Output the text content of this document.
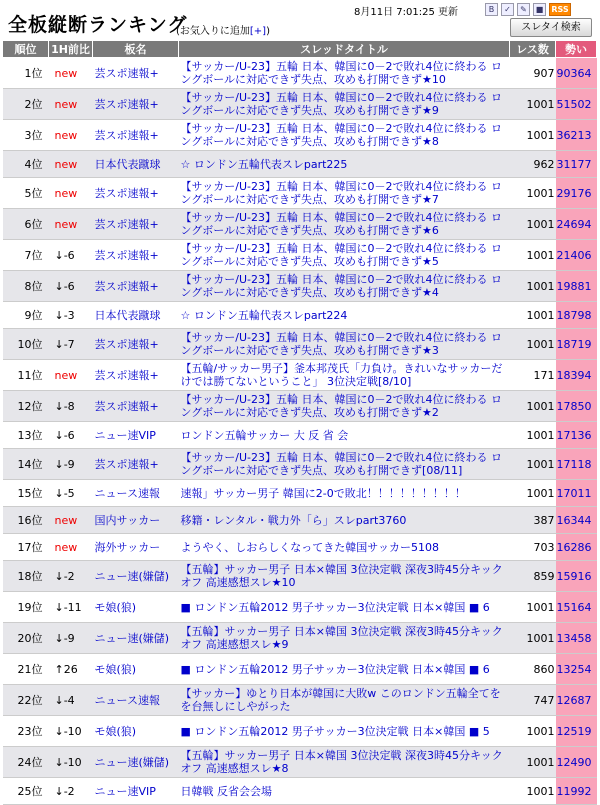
全板縦断ランキング
(お気入りに追加[+])
8月11日 7:01:25 更新	B	✓	✎	■	RSS
スレタイ検索
順位	1H前比	板名	スレッドタイトル	レス数	勢い
1位	new	芸スポ速報+	【サッカー/U-23】五輪 日本、韓国に0－2で敗れ4位に終わる ロングボールに対応できず失点、攻めも打開できず★10	907	90364
2位	new	芸スポ速報+	【サッカー/U-23】五輪 日本、韓国に0－2で敗れ4位に終わる ロングボールに対応できず失点、攻めも打開できず★9	1001	51502
3位	new	芸スポ速報+	【サッカー/U-23】五輪 日本、韓国に0－2で敗れ4位に終わる ロングボールに対応できず失点、攻めも打開できず★8	1001	36213
4位	new	日本代表蹴球	☆ ロンドン五輪代表スレpart225	962	31177
5位	new	芸スポ速報+	【サッカー/U-23】五輪 日本、韓国に0－2で敗れ4位に終わる ロングボールに対応できず失点、攻めも打開できず★7	1001	29176
6位	new	芸スポ速報+	【サッカー/U-23】五輪 日本、韓国に0－2で敗れ4位に終わる ロングボールに対応できず失点、攻めも打開できず★6	1001	24694
7位	↓-6	芸スポ速報+	【サッカー/U-23】五輪 日本、韓国に0－2で敗れ4位に終わる ロングボールに対応できず失点、攻めも打開できず★5	1001	21406
8位	↓-6	芸スポ速報+	【サッカー/U-23】五輪 日本、韓国に0－2で敗れ4位に終わる ロングボールに対応できず失点、攻めも打開できず★4	1001	19881
9位	↓-3	日本代表蹴球	☆ ロンドン五輪代表スレpart224	1001	18798
10位	↓-7	芸スポ速報+	【サッカー/U-23】五輪 日本、韓国に0－2で敗れ4位に終わる ロングボールに対応できず失点、攻めも打開できず★3	1001	18719
11位	new	芸スポ速報+	【五輪/サッカー男子】釜本邦茂氏「力負け。きれいなサッカーだけでは勝てないということ」 3位決定戦[8/10]	171	18394
12位	↓-8	芸スポ速報+	【サッカー/U-23】五輪 日本、韓国に0－2で敗れ4位に終わる ロングボールに対応できず失点、攻めも打開できず★2	1001	17850
13位	↓-6	ニュー速VIP	ロンドン五輪サッカー 大 反 省 会	1001	17136
14位	↓-9	芸スポ速報+	【サッカー/U-23】五輪 日本、韓国に0－2で敗れ4位に終わる ロングボールに対応できず失点、攻めも打開できず[08/11]	1001	17118
15位	↓-5	ニュース速報	速報」サッカー男子 韓国に2-0で敗北！！！！！！！！！	1001	17011
16位	new	国内サッカー	移籍・レンタル・戦力外「ら」スレpart3760	387	16344
17位	new	海外サッカー	ようやく、しおらしくなってきた韓国サッカー5108	703	16286
18位	↓-2	ニュー速(嫌儲)	【五輪】サッカー男子 日本×韓国 3位決定戦 深夜3時45分キックオフ 高速感想スレ★10	859	15916
19位	↓-11	モ娘(狼)	■ ロンドン五輪2012 男子サッカー3位決定戦 日本×韓国 ■ 6	1001	15164
20位	↓-9	ニュー速(嫌儲)	【五輪】サッカー男子 日本×韓国 3位決定戦 深夜3時45分キックオフ 高速感想スレ★9	1001	13458
21位	↑26	モ娘(狼)	■ ロンドン五輪2012 男子サッカー3位決定戦 日本×韓国 ■ 6	860	13254
22位	↓-4	ニュース速報	【サッカー】ゆとり日本が韓国に大敗w このロンドン五輪全てをを台無しにしやがった	747	12687
23位	↓-10	モ娘(狼)	■ ロンドン五輪2012 男子サッカー3位決定戦 日本×韓国 ■ 5	1001	12519
24位	↓-10	ニュー速(嫌儲)	【五輪】サッカー男子 日本×韓国 3位決定戦 深夜3時45分キックオフ 高速感想スレ★8	1001	12490
25位	↓-2	ニュー速VIP	日韓戦 反省会会場	1001	11992
